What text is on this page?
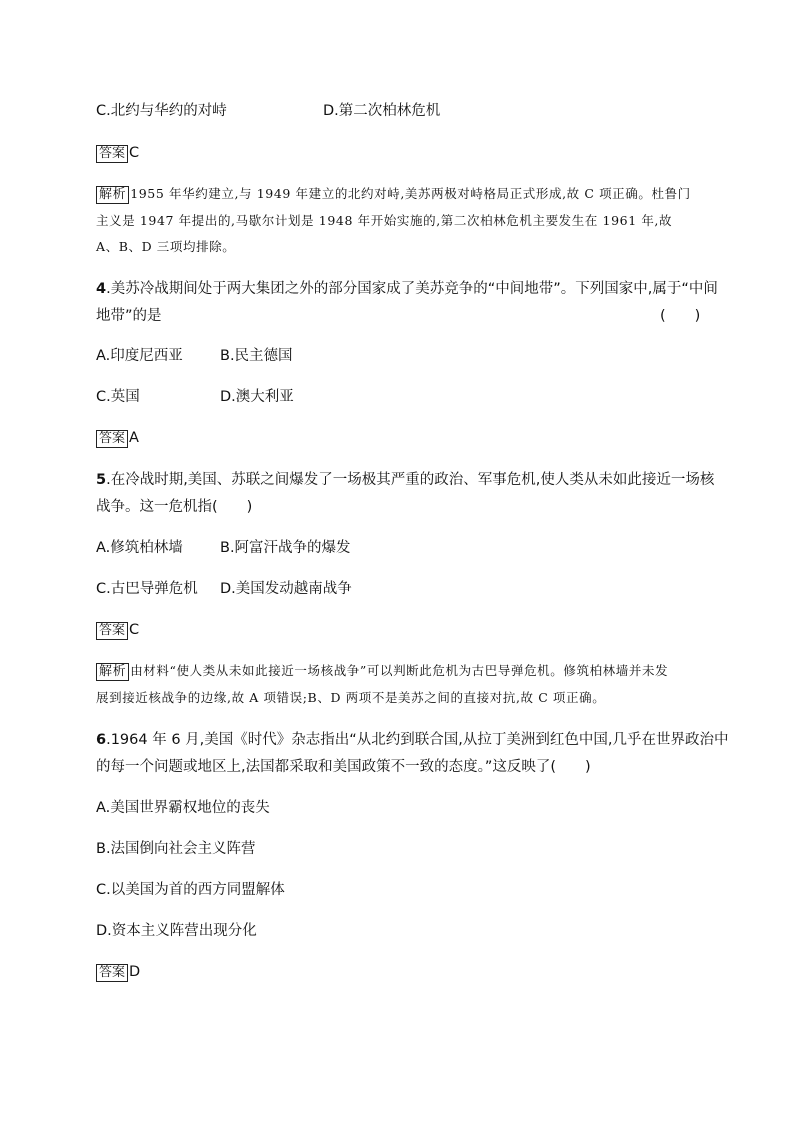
C.北约与华约的对峙	D.第二次柏林危机
答案 C
解析 1955 年华约建立,与 1949 年建立的北约对峙,美苏两极对峙格局正式形成,故 C 项正确。杜鲁门
主义是 1947 年提出的,马歇尔计划是 1948 年开始实施的,第二次柏林危机主要发生在 1961 年,故
A、B、D 三项均排除。
4.美苏冷战期间处于两大集团之外的部分国家成了美苏竞争的“中间地带”。下列国家中,属于“中间
地带”的是	(　　)
A.印度尼西亚	B.民主德国
C.英国	D.澳大利亚
答案 A
5.在冷战时期,美国、苏联之间爆发了一场极其严重的政治、军事危机,使人类从未如此接近一场核
战争。这一危机指(　　)
A.修筑柏林墙	B.阿富汗战争的爆发
C.古巴导弹危机 D.美国发动越南战争
答案 C
解析 由材料“使人类从未如此接近一场核战争”可以判断此危机为古巴导弹危机。修筑柏林墙并未发
展到接近核战争的边缘,故 A 项错误;B、D 两项不是美苏之间的直接对抗,故 C 项正确。
6.1964 年 6 月,美国《时代》杂志指出“从北约到联合国,从拉丁美洲到红色中国,几乎在世界政治中
的每一个问题或地区上,法国都采取和美国政策不一致的态度。”这反映了(　　)
A.美国世界霸权地位的丧失
B.法国倒向社会主义阵营
C.以美国为首的西方同盟解体
D.资本主义阵营出现分化
答案 D
